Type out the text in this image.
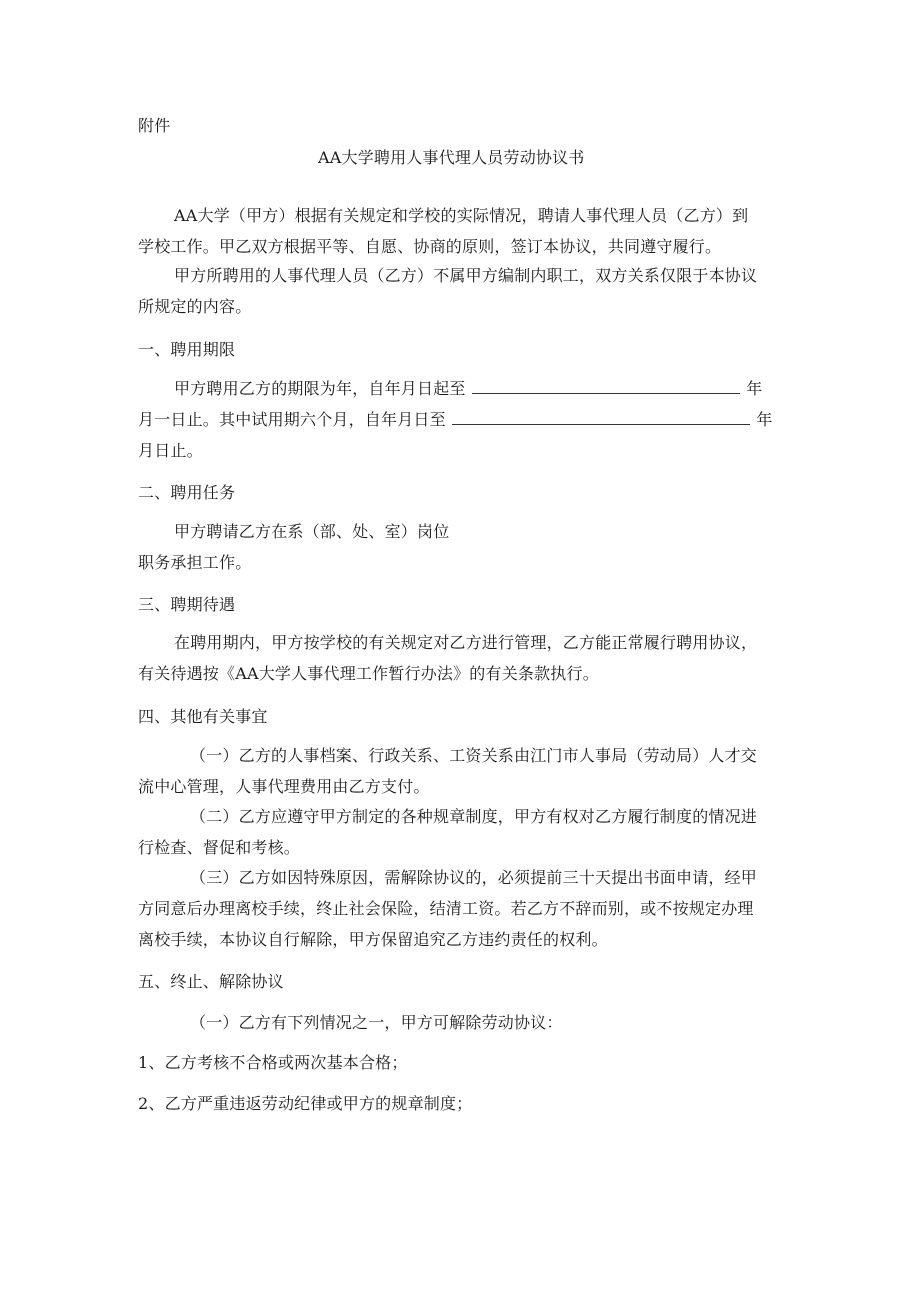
附件
AA大学聘用人事代理人员劳动协议书
AA大学（甲方）根据有关规定和学校的实际情况，聘请人事代理人员（乙方）到
学校工作。甲乙双方根据平等、自愿、协商的原则，签订本协议，共同遵守履行。
甲方所聘用的人事代理人员（乙方）不属甲方编制内职工，双方关系仅限于本协议
所规定的内容。
一、聘用期限
甲方聘用乙方的期限为年，自年月日起至	年
月一日止。其中试用期六个月，自年月日至	年
月日止。
二、聘用任务
甲方聘请乙方在系（部、处、室）岗位
职务承担工作。
三、聘期待遇
在聘用期内，甲方按学校的有关规定对乙方进行管理，乙方能正常履行聘用协议，
有关待遇按《AA大学人事代理工作暂行办法》的有关条款执行。
四、其他有关事宜
（一）乙方的人事档案、行政关系、工资关系由江门市人事局（劳动局）人才交
流中心管理，人事代理费用由乙方支付。
（二）乙方应遵守甲方制定的各种规章制度，甲方有权对乙方履行制度的情况进
行检查、督促和考核。
（三）乙方如因特殊原因，需解除协议的，必须提前三十天提出书面申请，经甲
方同意后办理离校手续，终止社会保险，结清工资。若乙方不辞而别，或不按规定办理
离校手续，本协议自行解除，甲方保留追究乙方违约责任的权利。
五、终止、解除协议
（一）乙方有下列情况之一，甲方可解除劳动协议：
1、乙方考核不合格或两次基本合格；
2、乙方严重违返劳动纪律或甲方的规章制度；
